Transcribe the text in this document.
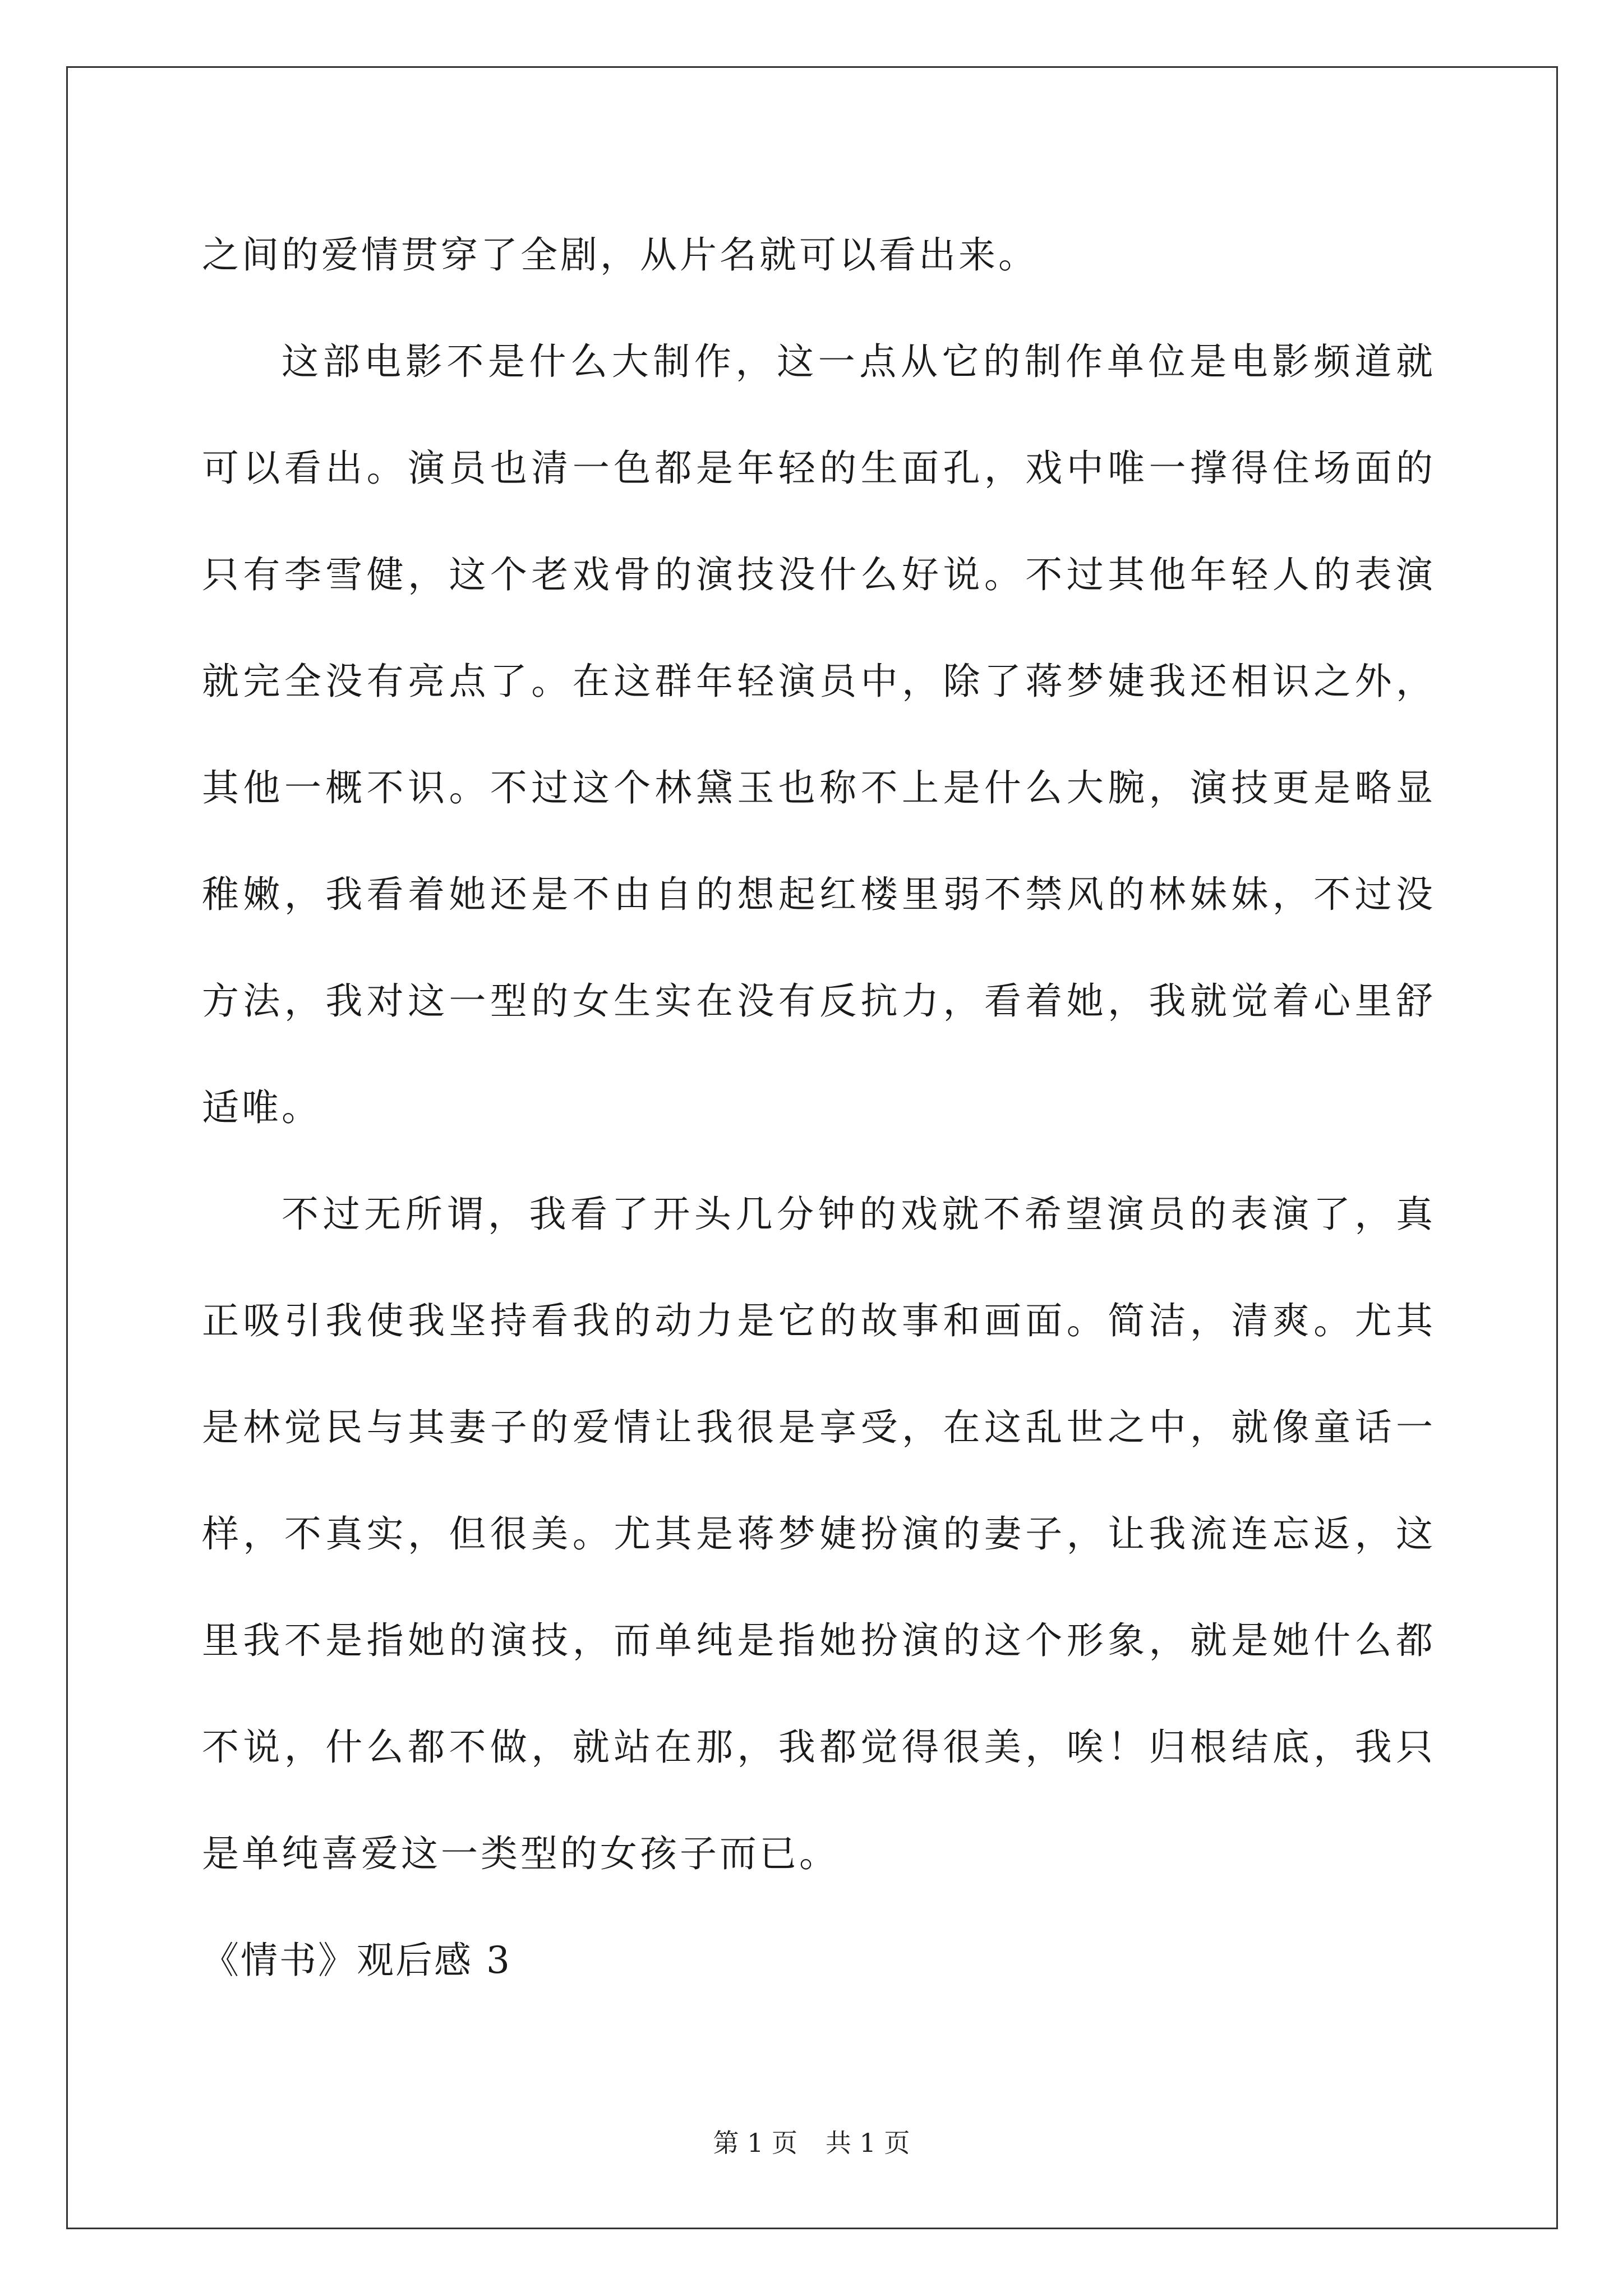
之间的爱情贯穿了全剧，从片名就可以看出来。

这部电影不是什么大制作，这一点从它的制作单位是电影频道就可以看出。演员也清一色都是年轻的生面孔，戏中唯一撑得住场面的只有李雪健，这个老戏骨的演技没什么好说。不过其他年轻人的表演就完全没有亮点了。在这群年轻演员中，除了蒋梦婕我还相识之外，其他一概不识。不过这个林黛玉也称不上是什么大腕，演技更是略显稚嫩，我看着她还是不由自的想起红楼里弱不禁风的林妹妹，不过没方法，我对这一型的女生实在没有反抗力，看着她，我就觉着心里舒适唯。

不过无所谓，我看了开头几分钟的戏就不希望演员的表演了，真正吸引我使我坚持看我的动力是它的故事和画面。简洁，清爽。尤其是林觉民与其妻子的爱情让我很是享受，在这乱世之中，就像童话一样，不真实，但很美。尤其是蒋梦婕扮演的妻子，让我流连忘返，这里我不是指她的演技，而单纯是指她扮演的这个形象，就是她什么都不说，什么都不做，就站在那，我都觉得很美，唉！归根结底，我只是单纯喜爱这一类型的女孩子而已。

《情书》观后感 3

第 1 页 共 1 页
